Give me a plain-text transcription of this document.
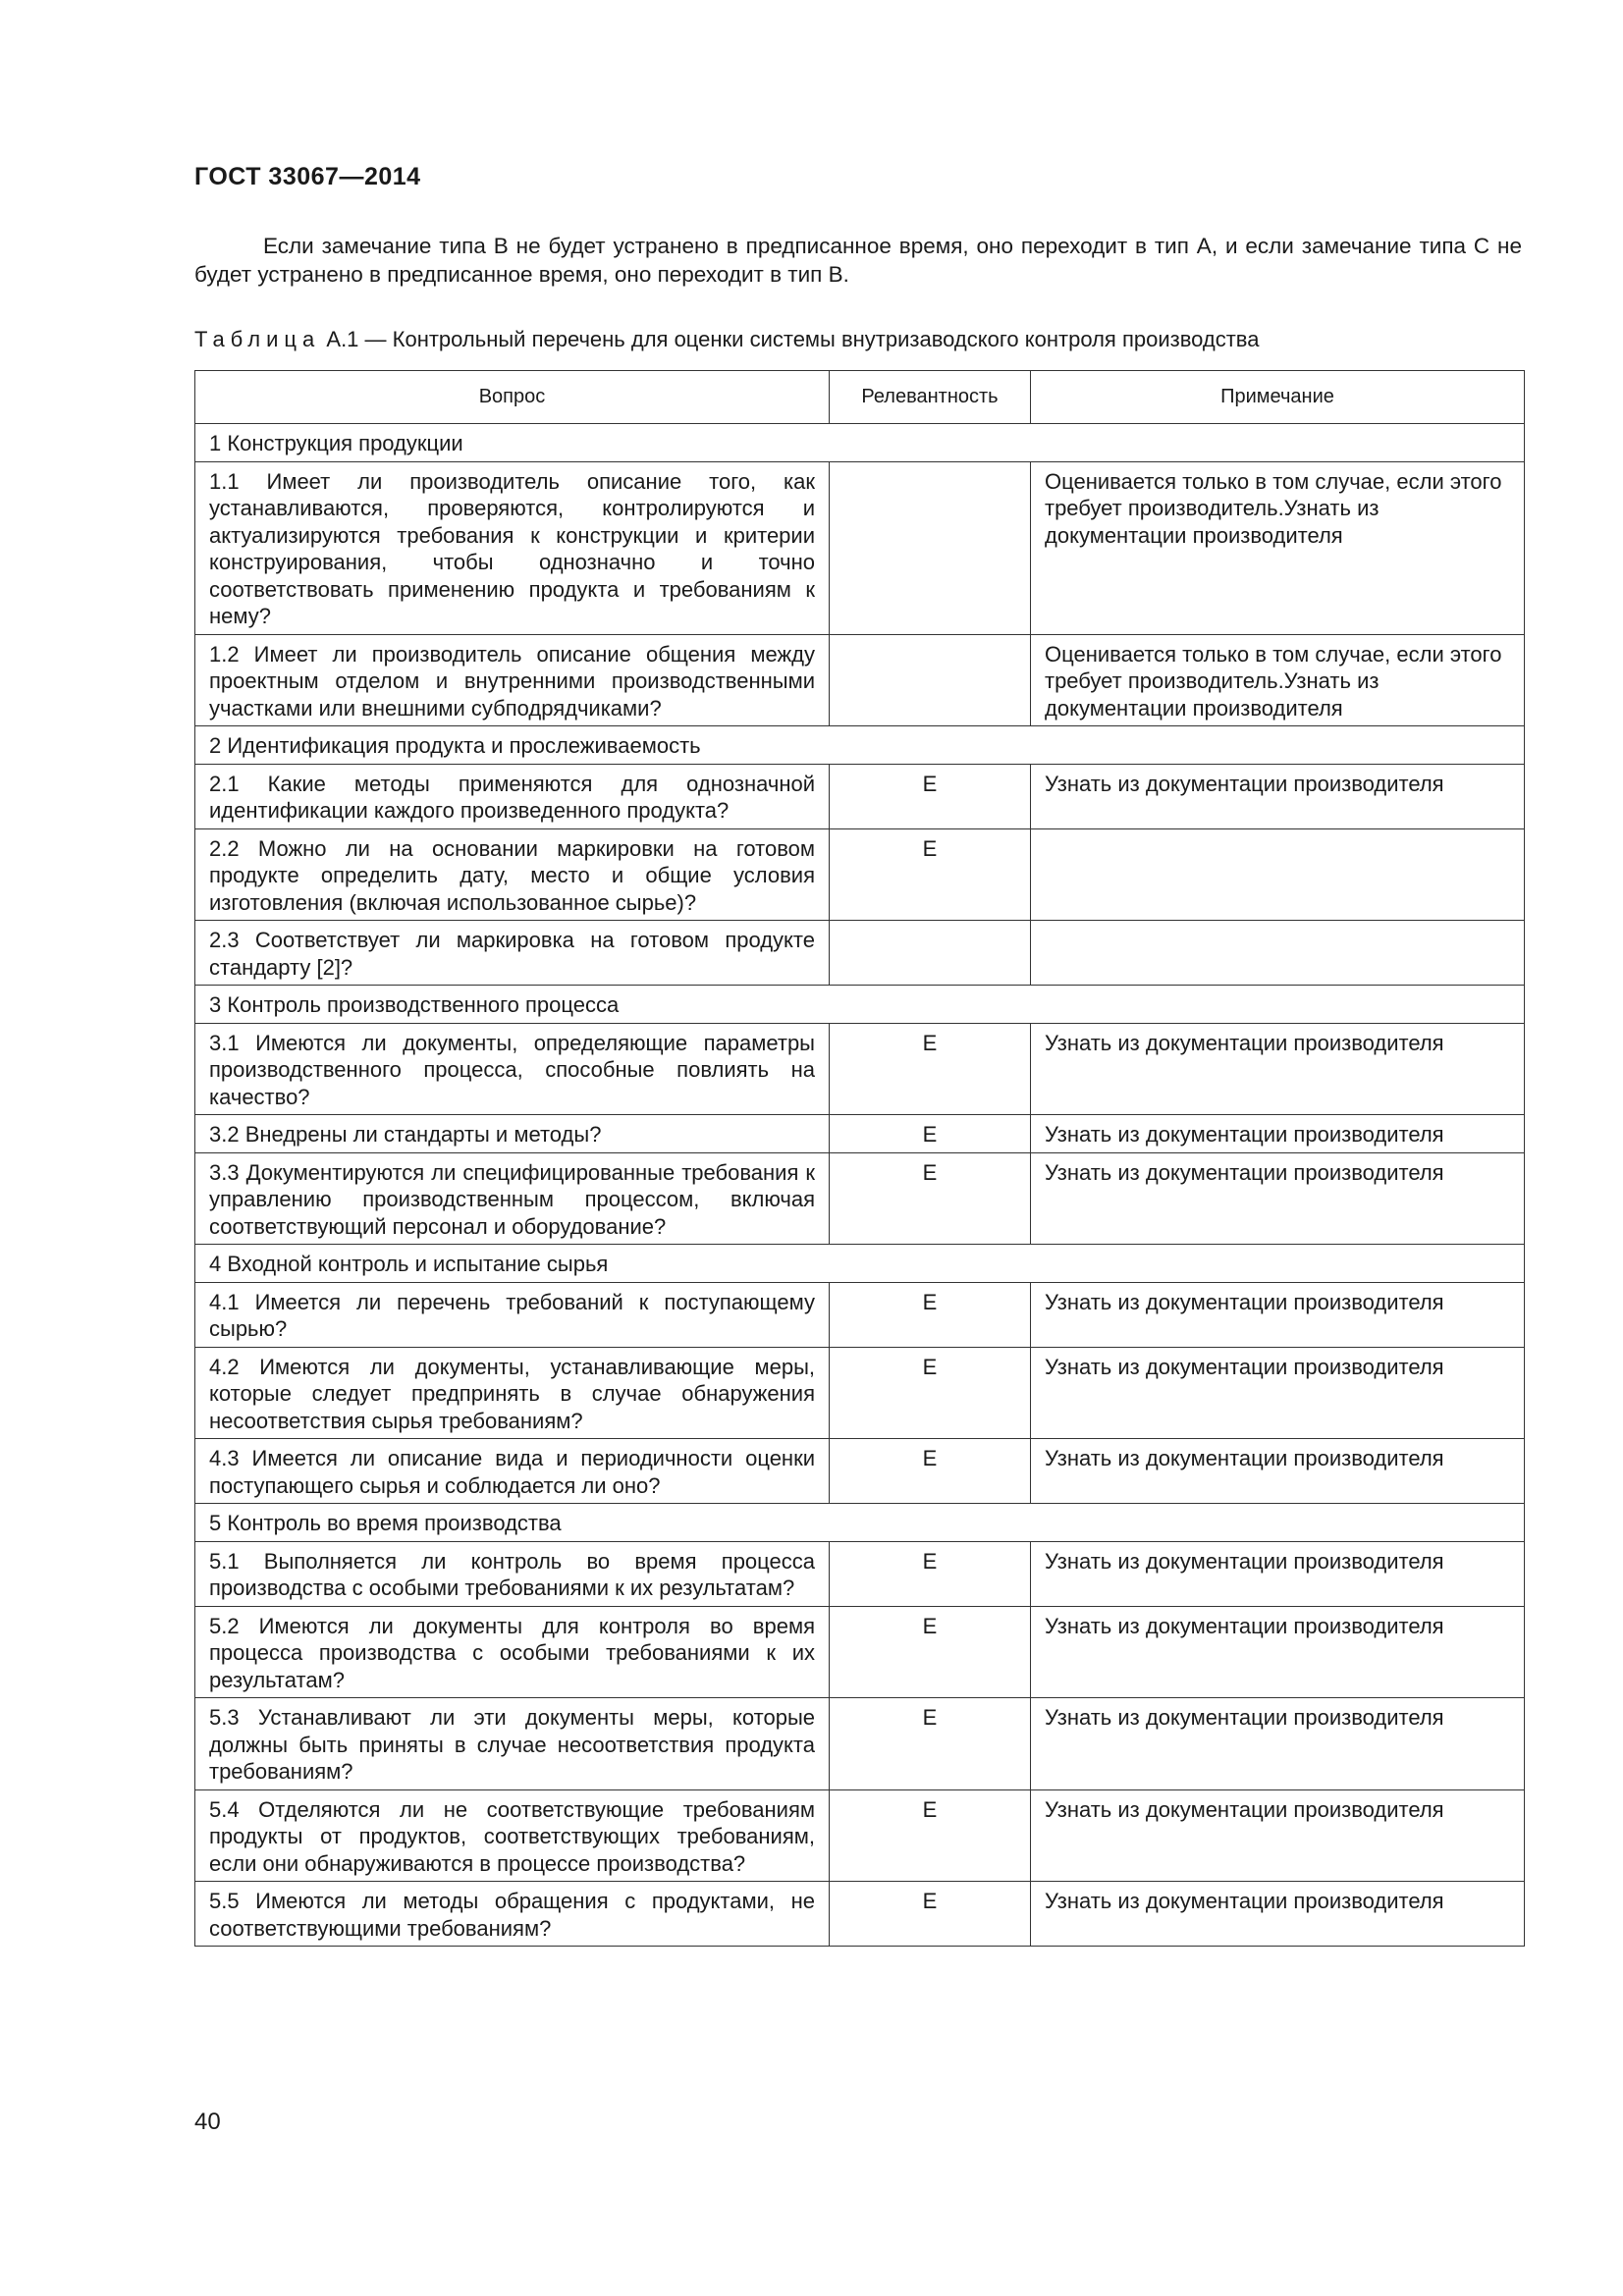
ГОСТ 33067—2014

Если замечание типа В не будет устранено в предписанное время, оно переходит в тип А, и если замечание типа С не будет устранено в предписанное время, оно переходит в тип В.

Таблица А.1 — Контрольный перечень для оценки системы внутризаводского контроля производства
Вопрос	Релевантность	Примечание
1 Конструкция продукции		
1.1 Имеет ли производитель описание того, как устанавливаются, проверяются, контролируются и актуализируются требования к конструкции и критерии конструирования, чтобы однозначно и точно соответствовать применению продукта и требованиям к нему?		Оценивается только в том случае, если этого требует производитель.Узнать из документации производителя
1.2 Имеет ли производитель описание общения между проектным отделом и внутренними производственными участками или внешними субподрядчиками?		Оценивается только в том случае, если этого требует производитель.Узнать из документации производителя
2 Идентификация продукта и прослеживаемость		
2.1 Какие методы применяются для однозначной идентификации каждого произведенного продукта?	Е	Узнать из документации производителя
2.2 Можно ли на основании маркировки на готовом продукте определить дату, место и общие условия изготовления (включая использованное сырье)?	Е	
2.3 Соответствует ли маркировка на готовом продукте стандарту [2]?		
3 Контроль производственного процесса		
3.1 Имеются ли документы, определяющие параметры производственного процесса, способные повлиять на качество?	Е	Узнать из документации производителя
3.2 Внедрены ли стандарты и методы?	Е	Узнать из документации производителя
3.3 Документируются ли специфицированные требования к управлению производственным процессом, включая соответствующий персонал и оборудование?	Е	Узнать из документации производителя
4 Входной контроль и испытание сырья		
4.1 Имеется ли перечень требований к поступающему сырью?	Е	Узнать из документации производителя
4.2 Имеются ли документы, устанавливающие меры, которые следует предпринять в случае обнаружения несоответствия сырья требованиям?	Е	Узнать из документации производителя
4.3 Имеется ли описание вида и периодичности оценки поступающего сырья и соблюдается ли оно?	Е	Узнать из документации производителя
5 Контроль во время производства		
5.1 Выполняется ли контроль во время процесса производства с особыми требованиями к их результатам?	Е	Узнать из документации производителя
5.2 Имеются ли документы для контроля во время процесса производства с особыми требованиями к их результатам?	Е	Узнать из документации производителя
5.3 Устанавливают ли эти документы меры, которые должны быть приняты в случае несоответствия продукта требованиям?	Е	Узнать из документации производителя
5.4 Отделяются ли не соответствующие требованиям продукты от продуктов, соответствующих требованиям, если они обнаруживаются в процессе производства?	Е	Узнать из документации производителя
5.5 Имеются ли методы обращения с продуктами, не соответствующими требованиям?	Е	Узнать из документации производителя
40
